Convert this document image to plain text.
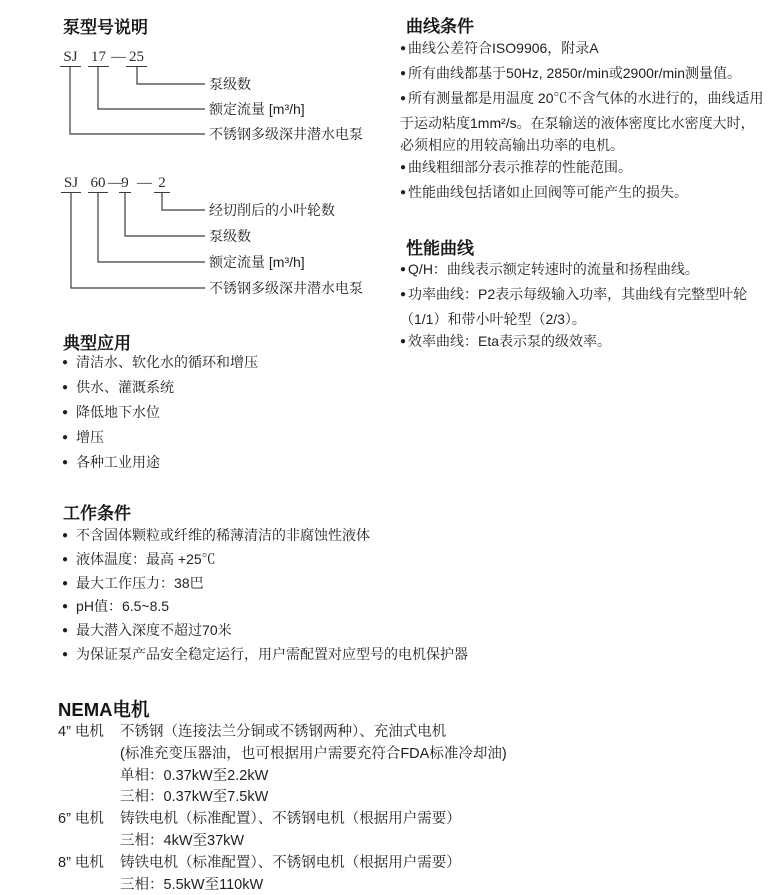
泵型号说明
SJ 17 — 25
泵级数
额定流量 [m³/h]
不锈钢多级深井潜水电泵
SJ 60 —
9 — 2
经切削后的小叶轮数
泵级数
额定流量 [m³/h]
不锈钢多级深井潜水电泵
曲线条件
● 曲线公差符合ISO9906，附录A
● 所有曲线都基于50Hz, 2850r/min或2900r/min测量值。
● 所有测量都是用温度 20℃不含气体的水进行的，曲线适用于运动粘度1mm²/s。在泵输送的液体密度比水密度大时，必须相应的用较高输出功率的电机。
● 曲线粗细部分表示推荐的性能范围。
● 性能曲线包括诸如止回阀等可能产生的损失。
性能曲线
● Q/H：曲线表示额定转速时的流量和扬程曲线。
● 功率曲线：P2表示每级输入功率，其曲线有完整型叶轮（1/1）和带小叶轮型（2/3）。
● 效率曲线：Eta表示泵的级效率。
典型应用
● 清洁水、软化水的循环和增压
● 供水、灌溉系统
● 降低地下水位
● 增压
● 各种工业用途
工作条件
● 不含固体颗粒或纤维的稀薄清洁的非腐蚀性液体
● 液体温度：最高 +25℃
● 最大工作压力：38巴
● pH值：6.5~8.5
● 最大潜入深度不超过70米
● 为保证泵产品安全稳定运行，用户需配置对应型号的电机保护器
NEMA电机
4” 电机	不锈钢（连接法兰分铜或不锈钢两种）、充油式电机
(标准充变压器油，也可根据用户需要充符合FDA标准冷却油)
单相：0.37kW至2.2kW
三相：0.37kW至7.5kW
6” 电机	铸铁电机（标准配置）、不锈钢电机（根据用户需要）
三相：4kW至37kW
8” 电机	铸铁电机（标准配置）、不锈钢电机（根据用户需要）
三相：5.5kW至110kW
